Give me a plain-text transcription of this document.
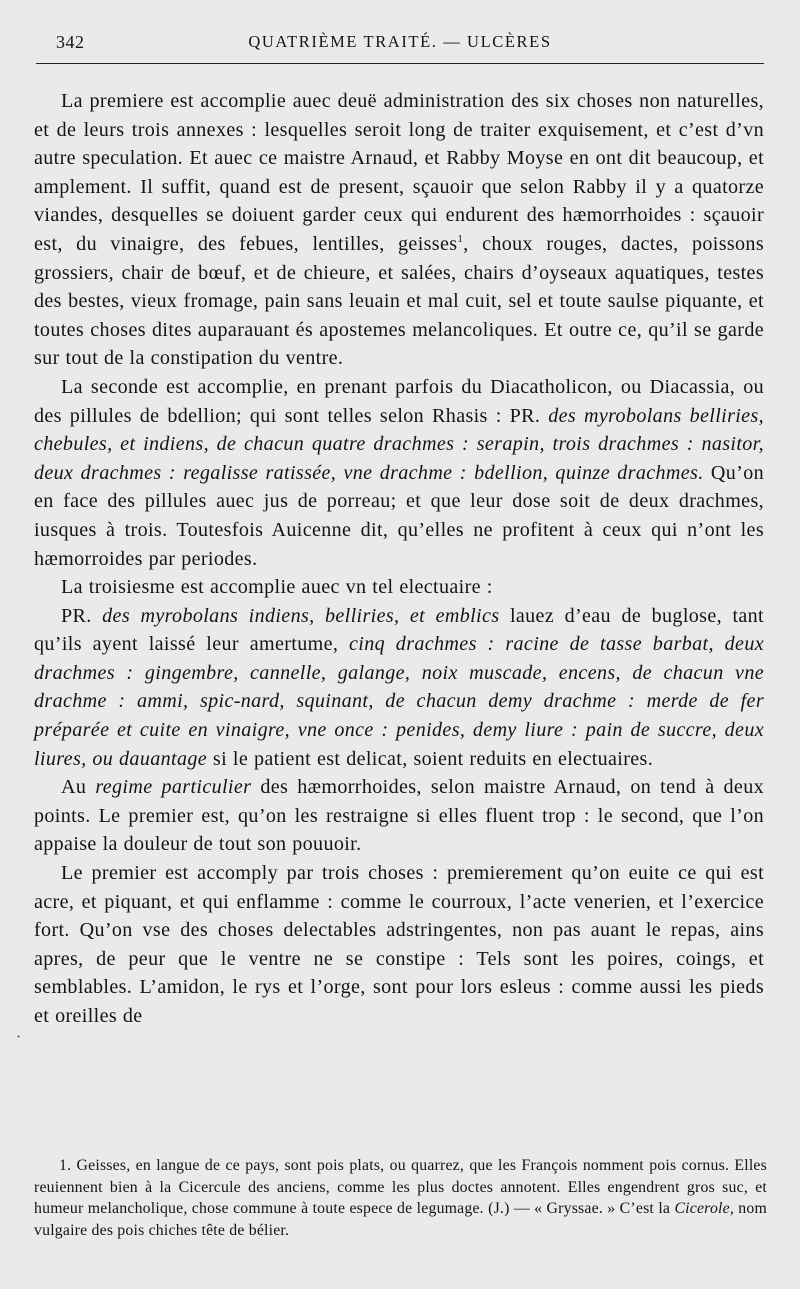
342	QUATRIÈME TRAITÉ. — ULCÈRES

La premiere est accomplie auec deuë administration des six choses non naturelles, et de leurs trois annexes : lesquelles seroit long de traiter exquisement, et c’est d’vn autre speculation. Et auec ce maistre Arnaud, et Rabby Moyse en ont dit beaucoup, et amplement. Il suffit, quand est de present, sçauoir que selon Rabby il y a quatorze viandes, desquelles se doiuent garder ceux qui endurent des hæmorrhoides : sçauoir est, du vinaigre, des febues, lentilles, geisses$^1$, choux rouges, dactes, poissons grossiers, chair de bœuf, et de chieure, et salées, chairs d’oyseaux aquatiques, testes des bestes, vieux fromage, pain sans leuain et mal cuit, sel et toute saulse piquante, et toutes choses dites auparauant és apostemes melancoliques. Et outre ce, qu’il se garde sur tout de la constipation du ventre.

La seconde est accomplie, en prenant parfois du Diacatholicon, ou Diacassia, ou des pillules de bdellion; qui sont telles selon Rhasis : PR. des myrobolans belliries, chebules, et indiens, de chacun quatre drachmes : serapin, trois drachmes : nasitor, deux drachmes : regalisse ratissée, vne drachme : bdellion, quinze drachmes. Qu’on en face des pillules auec jus de porreau; et que leur dose soit de deux drachmes, iusques à trois. Toutesfois Auicenne dit, qu’elles ne profitent à ceux qui n’ont les hæmorroides par periodes.

La troisiesme est accomplie auec vn tel electuaire :

PR. des myrobolans indiens, belliries, et emblics lauez d’eau de buglose, tant qu’ils ayent laissé leur amertume, cinq drachmes : racine de tasse barbat, deux drachmes : gingembre, cannelle, galange, noix muscade, encens, de chacun vne drachme : ammi, spic-nard, squinant, de chacun demy drachme : merde de fer préparée et cuite en vinaigre, vne once : penides, demy liure : pain de succre, deux liures, ou dauantage si le patient est delicat, soient reduits en electuaires.

Au regime particulier des hæmorrhoides, selon maistre Arnaud, on tend à deux points. Le premier est, qu’on les restraigne si elles fluent trop : le second, que l’on appaise la douleur de tout son pouuoir.

Le premier est accomply par trois choses : premierement qu’on euite ce qui est acre, et piquant, et qui enflamme : comme le courroux, l’acte venerien, et l’exercice fort. Qu’on vse des choses delectables adstringentes, non pas auant le repas, ains apres, de peur que le ventre ne se constipe : Tels sont les poires, coings, et semblables. L’amidon, le rys et l’orge, sont pour lors esleus : comme aussi les pieds et oreilles de

·

1. Geisses, en langue de ce pays, sont pois plats, ou quarrez, que les François nomment pois cornus. Elles reuiennent bien à la Cicercule des anciens, comme les plus doctes annotent. Elles engendrent gros suc, et humeur melancholique, chose commune à toute espece de legumage. (J.) — « Gryssae. » C’est la Cicerole, nom vulgaire des pois chiches tête de bélier.
